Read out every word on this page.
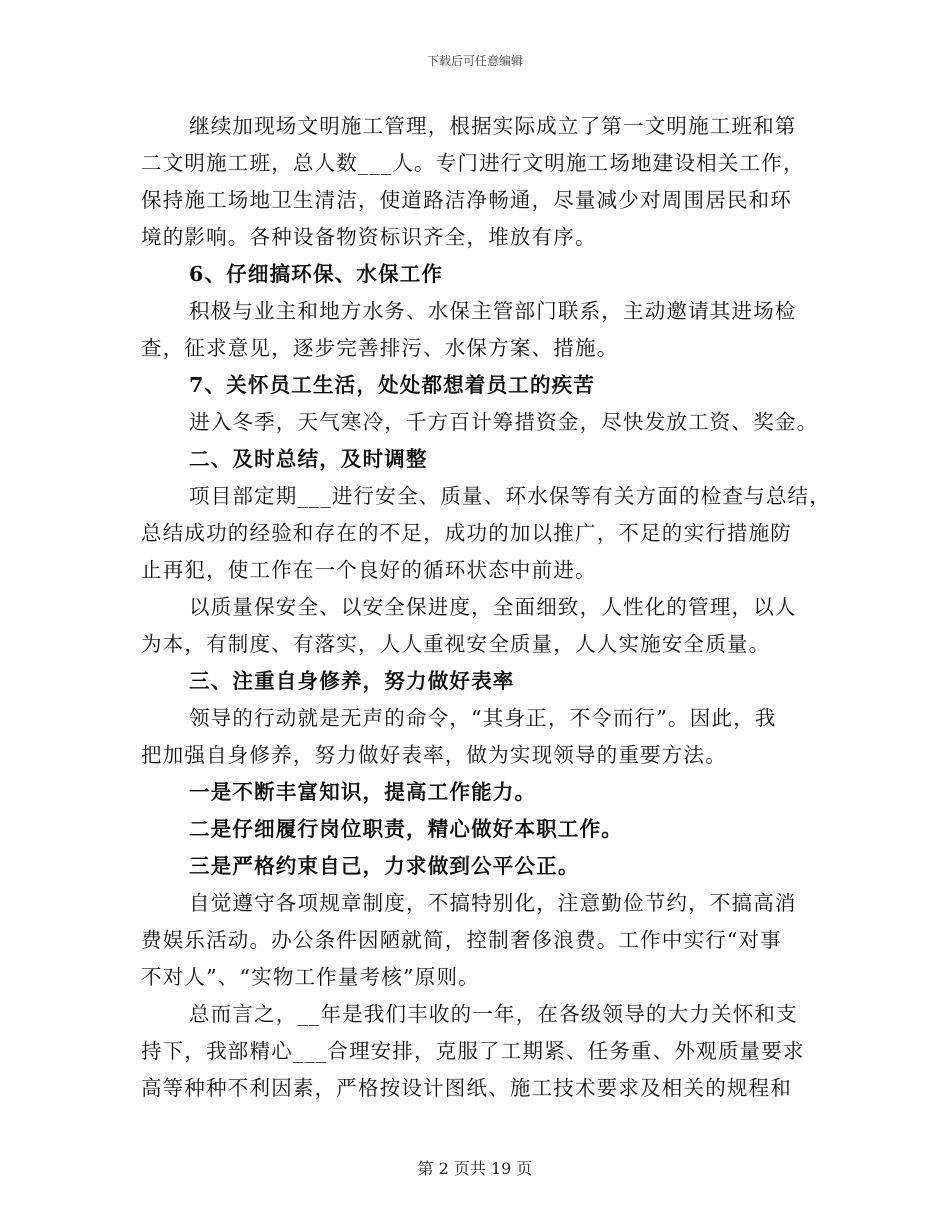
下载后可任意编辑

继续加现场文明施工管理，根据实际成立了第一文明施工班和第
二文明施工班，总人数___人。专门进行文明施工场地建设相关工作，
保持施工场地卫生清洁，使道路洁净畅通，尽量减少对周围居民和环
境的影响。各种设备物资标识齐全，堆放有序。

6、仔细搞环保、水保工作

积极与业主和地方水务、水保主管部门联系，主动邀请其进场检
查，征求意见，逐步完善排污、水保方案、措施。

7、关怀员工生活，处处都想着员工的疾苦

进入冬季，天气寒冷，千方百计筹措资金，尽快发放工资、奖金。

二、及时总结，及时调整

项目部定期___进行安全、质量、环水保等有关方面的检查与总结，
总结成功的经验和存在的不足，成功的加以推广，不足的实行措施防
止再犯，使工作在一个良好的循环状态中前进。

以质量保安全、以安全保进度，全面细致，人性化的管理，以人
为本，有制度、有落实，人人重视安全质量，人人实施安全质量。

三、注重自身修养，努力做好表率

领导的行动就是无声的命令，“其身正，不令而行”。因此，我
把加强自身修养，努力做好表率，做为实现领导的重要方法。

一是不断丰富知识，提高工作能力。

二是仔细履行岗位职责，精心做好本职工作。

三是严格约束自己，力求做到公平公正。

自觉遵守各项规章制度，不搞特别化，注意勤俭节约，不搞高消
费娱乐活动。办公条件因陋就简，控制奢侈浪费。工作中实行“对事
不对人”、“实物工作量考核”原则。

总而言之，__年是我们丰收的一年，在各级领导的大力关怀和支
持下，我部精心___合理安排，克服了工期紧、任务重、外观质量要求
高等种种不利因素，严格按设计图纸、施工技术要求及相关的规程和

第 2 页共 19 页
